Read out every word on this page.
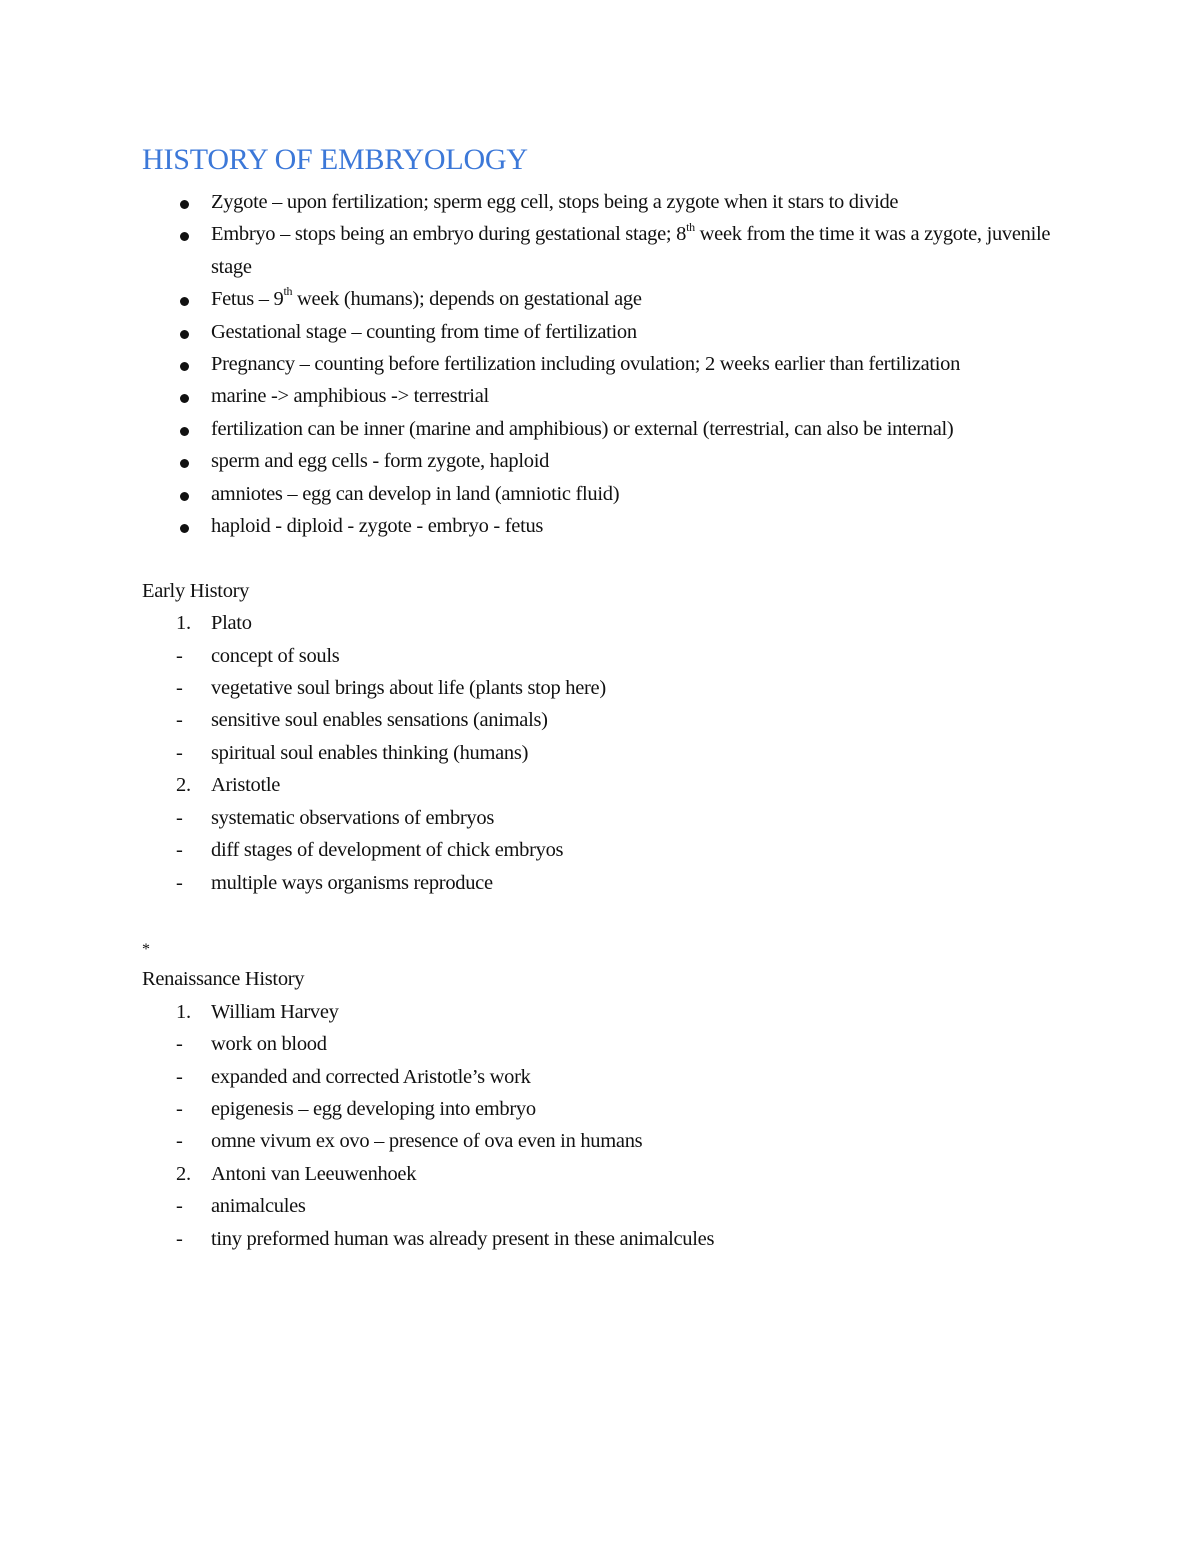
HISTORY OF EMBRYOLOGY
Zygote – upon fertilization; sperm egg cell, stops being a zygote when it stars to divide
Embryo – stops being an embryo during gestational stage; 8th week from the time it was a zygote, juvenile stage
Fetus – 9th week (humans); depends on gestational age
Gestational stage – counting from time of fertilization
Pregnancy – counting before fertilization including ovulation; 2 weeks earlier than fertilization
marine -> amphibious -> terrestrial
fertilization can be inner (marine and amphibious) or external (terrestrial, can also be internal)
sperm and egg cells - form zygote, haploid
amniotes – egg can develop in land (amniotic fluid)
haploid - diploid - zygote - embryo - fetus
Early History
1. Plato
-	concept of souls
-	vegetative soul brings about life (plants stop here)
-	sensitive soul enables sensations (animals)
-	spiritual soul enables thinking (humans)
2. Aristotle
-	systematic observations of embryos
-	diff stages of development of chick embryos
-	multiple ways organisms reproduce
*
Renaissance History
1. William Harvey
-	work on blood
-	expanded and corrected Aristotle’s work
-	epigenesis – egg developing into embryo
-	omne vivum ex ovo – presence of ova even in humans
2. Antoni van Leeuwenhoek
-	animalcules
-	tiny preformed human was already present in these animalcules
